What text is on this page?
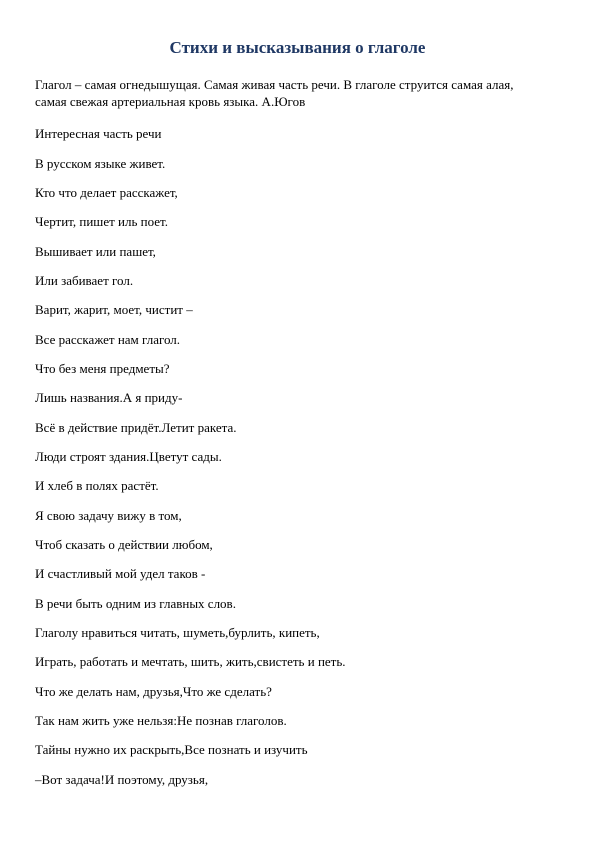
Стихи и высказывания о глаголе
Глагол – самая огнедышущая. Самая живая часть речи. В глаголе струится самая алая,
самая свежая артериальная кровь языка. А.Югов
Интересная часть речи
В русском языке живет.
Кто что делает расскажет,
Чертит, пишет иль поет.
Вышивает или пашет,
Или забивает гол.
Варит, жарит, моет, чистит –
Все расскажет нам глагол.
Что без меня предметы?
Лишь названия.А я приду-
Всё в действие придёт.Летит ракета.
Люди строят здания.Цветут сады.
И хлеб в полях растёт.
Я свою задачу вижу в том,
Чтоб сказать о действии любом,
И счастливый мой удел таков -
В речи быть одним из главных слов.
Глаголу нравиться читать, шуметь,бурлить, кипеть,
Играть, работать и мечтать, шить, жить,свистеть и петь.
Что же делать нам, друзья,Что же сделать?
Так нам жить уже нельзя:Не познав глаголов.
Тайны нужно их раскрыть,Все познать и изучить
–Вот задача!И поэтому, друзья,
